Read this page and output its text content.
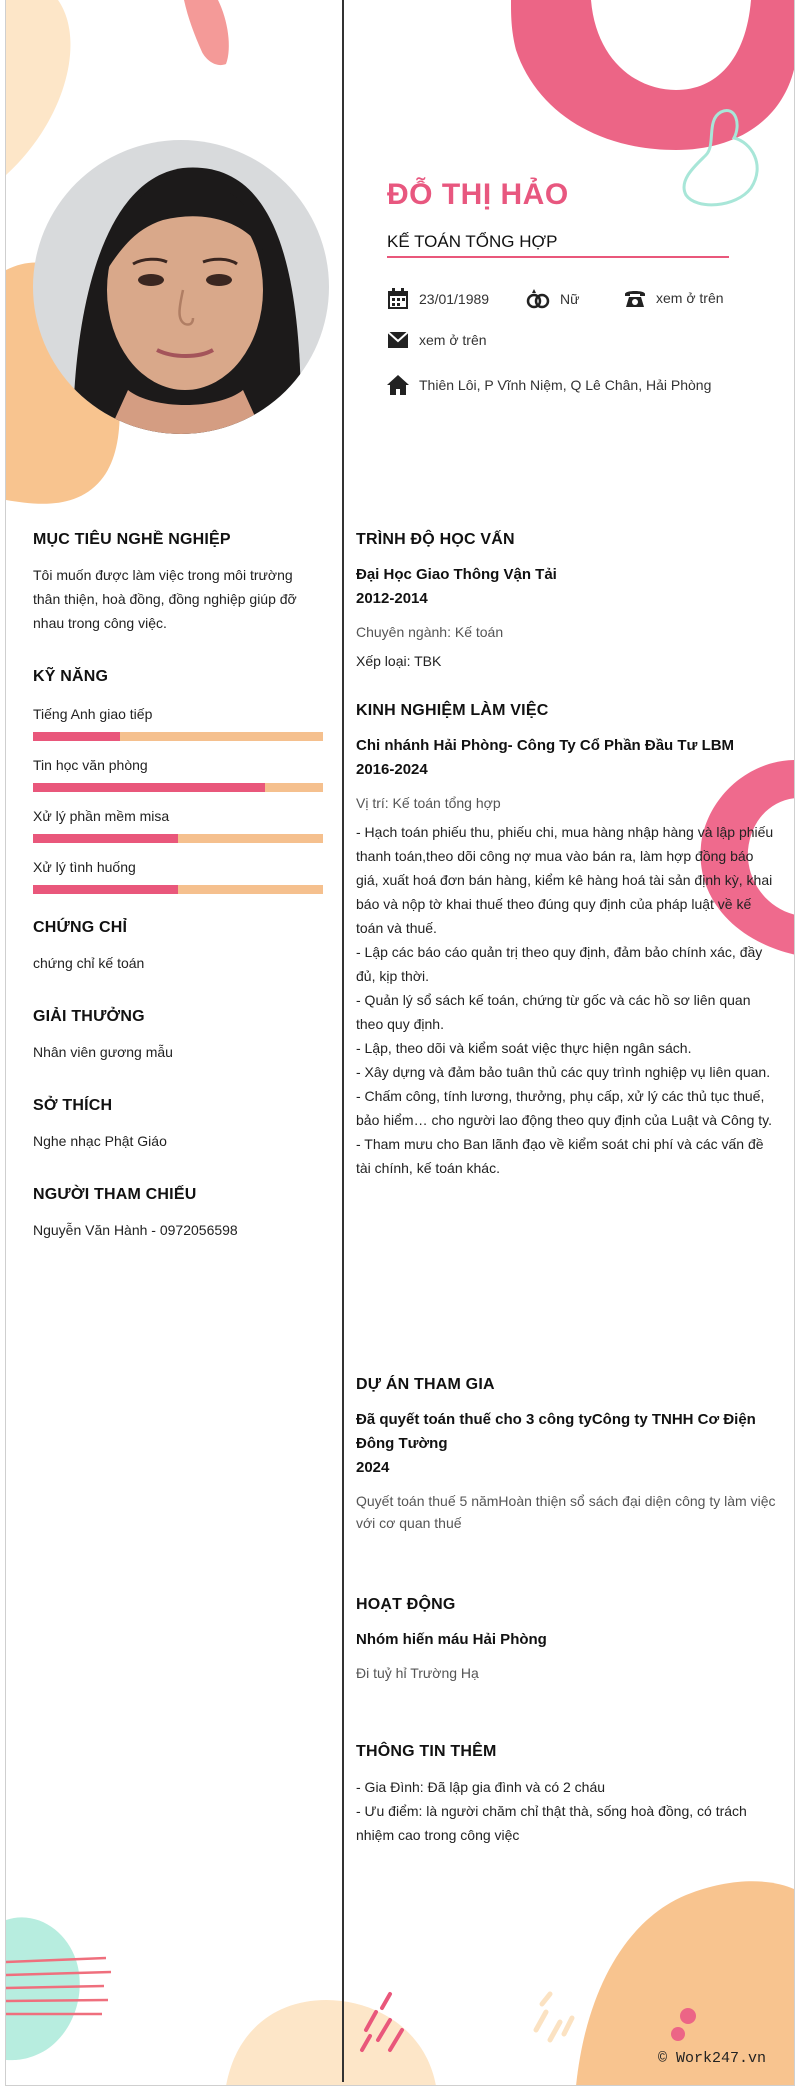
ĐỖ THỊ HẢO
KẾ TOÁN TỔNG HỢP
23/01/1989	Nữ	xem ở trên
xem ở trên
Thiên Lôi, P Vĩnh Niệm, Q Lê Chân, Hải Phòng
MỤC TIÊU NGHỀ NGHIỆP

Tôi muốn được làm việc trong môi trường thân thiện, hoà đồng, đồng nghiệp giúp đỡ nhau trong công việc.

KỸ NĂNG
Tiếng Anh giao tiếp
Tin học văn phòng
Xử lý phần mềm misa
Xử lý tình huống
CHỨNG CHỈ

chứng chỉ kế toán

GIẢI THƯỞNG

Nhân viên gương mẫu

SỞ THÍCH

Nghe nhạc Phật Giáo

NGƯỜI THAM CHIẾU

Nguyễn Văn Hành - 0972056598

TRÌNH ĐỘ HỌC VẤN
Đại Học Giao Thông Vận Tải
2012-2014
Chuyên ngành: Kế toán
Xếp loại: TBK
KINH NGHIỆM LÀM VIỆC
Chi nhánh Hải Phòng- Công Ty Cổ Phần Đầu Tư LBM
2016-2024
Vị trí: Kế toán tổng hợp
- Hạch toán phiếu thu, phiếu chi, mua hàng nhập hàng và lập phiếu thanh toán,theo dõi công nợ mua vào bán ra, làm hợp đồng báo giá, xuất hoá đơn bán hàng, kiểm kê hàng hoá tài sản định kỳ, khai báo và nộp tờ khai thuế theo đúng quy định của pháp luật về kế toán và thuế.
- Lập các báo cáo quản trị theo quy định, đảm bảo chính xác, đầy đủ, kịp thời.
- Quản lý sổ sách kế toán, chứng từ gốc và các hồ sơ liên quan theo quy định.
- Lập, theo dõi và kiểm soát việc thực hiện ngân sách.
- Xây dựng và đảm bảo tuân thủ các quy trình nghiệp vụ liên quan.
- Chấm công, tính lương, thưởng, phụ cấp, xử lý các thủ tục thuế, bảo hiểm… cho người lao động theo quy định của Luật và Công ty.
- Tham mưu cho Ban lãnh đạo về kiểm soát chi phí và các vấn đề tài chính, kế toán khác.
DỰ ÁN THAM GIA
Đã quyết toán thuế cho 3 công tyCông ty TNHH Cơ Điện Đông Tường
2024
Quyết toán thuế 5 nămHoàn thiện sổ sách đại diện công ty làm việc với cơ quan thuế
HOẠT ĐỘNG
Nhóm hiến máu Hải Phòng
Đi tuỷ hỉ Trường Hạ
THÔNG TIN THÊM
- Gia Đình: Đã lập gia đình và có 2 cháu
- Ưu điểm: là người chăm chỉ thật thà, sống hoà đồng, có trách nhiệm cao trong công việc
© Work247.vn
